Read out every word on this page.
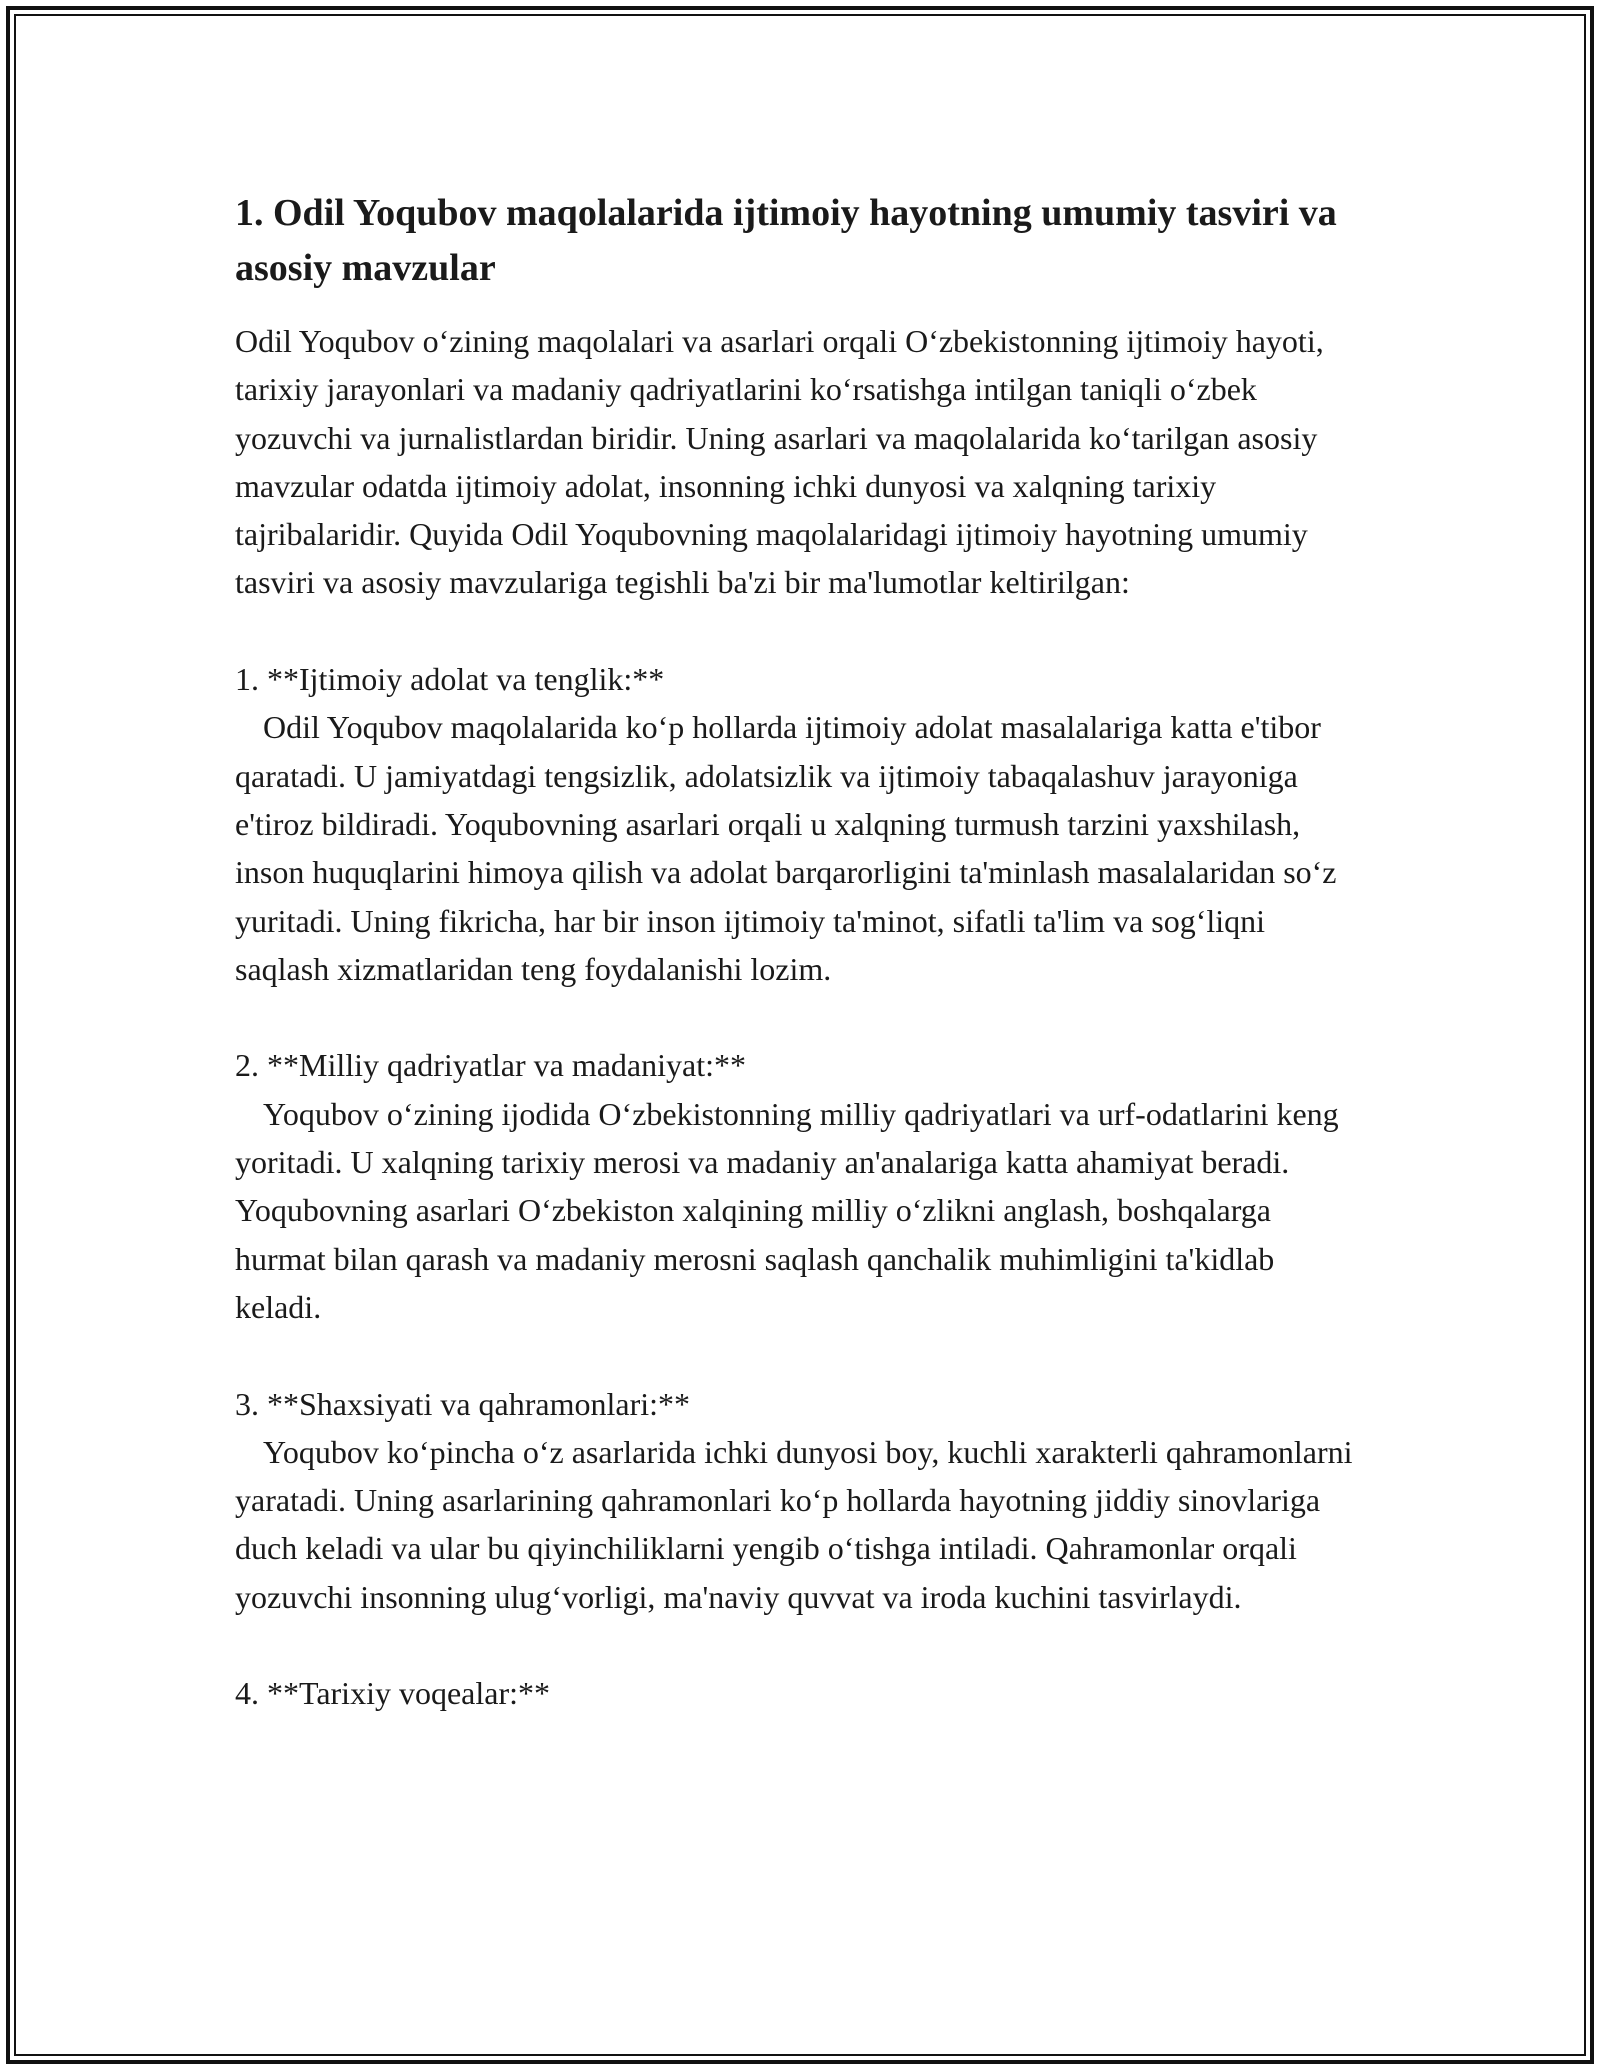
1. Odil Yoqubov maqolalarida ijtimoiy hayotning umumiy tasviri va asosiy mavzular

Odil Yoqubov o‘zining maqolalari va asarlari orqali O‘zbekistonning ijtimoiy hayoti, tarixiy jarayonlari va madaniy qadriyatlarini ko‘rsatishga intilgan taniqli o‘zbek yozuvchi va jurnalistlardan biridir. Uning asarlari va maqolalarida ko‘tarilgan asosiy mavzular odatda ijtimoiy adolat, insonning ichki dunyosi va xalqning tarixiy tajribalaridir. Quyida Odil Yoqubovning maqolalaridagi ijtimoiy hayotning umumiy tasviri va asosiy mavzulariga tegishli ba'zi bir ma'lumotlar keltirilgan:

1. **Ijtimoiy adolat va tenglik:**

Odil Yoqubov maqolalarida ko‘p hollarda ijtimoiy adolat masalalariga katta e'tibor qaratadi. U jamiyatdagi tengsizlik, adolatsizlik va ijtimoiy tabaqalashuv jarayoniga e'tiroz bildiradi. Yoqubovning asarlari orqali u xalqning turmush tarzini yaxshilash, inson huquqlarini himoya qilish va adolat barqarorligini ta'minlash masalalaridan so‘z yuritadi. Uning fikricha, har bir inson ijtimoiy ta'minot, sifatli ta'lim va sog‘liqni saqlash xizmatlaridan teng foydalanishi lozim.

2. **Milliy qadriyatlar va madaniyat:**

Yoqubov o‘zining ijodida O‘zbekistonning milliy qadriyatlari va urf-odatlarini keng yoritadi. U xalqning tarixiy merosi va madaniy an'analariga katta ahamiyat beradi. Yoqubovning asarlari O‘zbekiston xalqining milliy o‘zlikni anglash, boshqalarga hurmat bilan qarash va madaniy merosni saqlash qanchalik muhimligini ta'kidlab keladi.

3. **Shaxsiyati va qahramonlari:**

Yoqubov ko‘pincha o‘z asarlarida ichki dunyosi boy, kuchli xarakterli qahramonlarni yaratadi. Uning asarlarining qahramonlari ko‘p hollarda hayotning jiddiy sinovlariga duch keladi va ular bu qiyinchiliklarni yengib o‘tishga intiladi. Qahramonlar orqali yozuvchi insonning ulug‘vorligi, ma'naviy quvvat va iroda kuchini tasvirlaydi.

4. **Tarixiy voqealar:**
